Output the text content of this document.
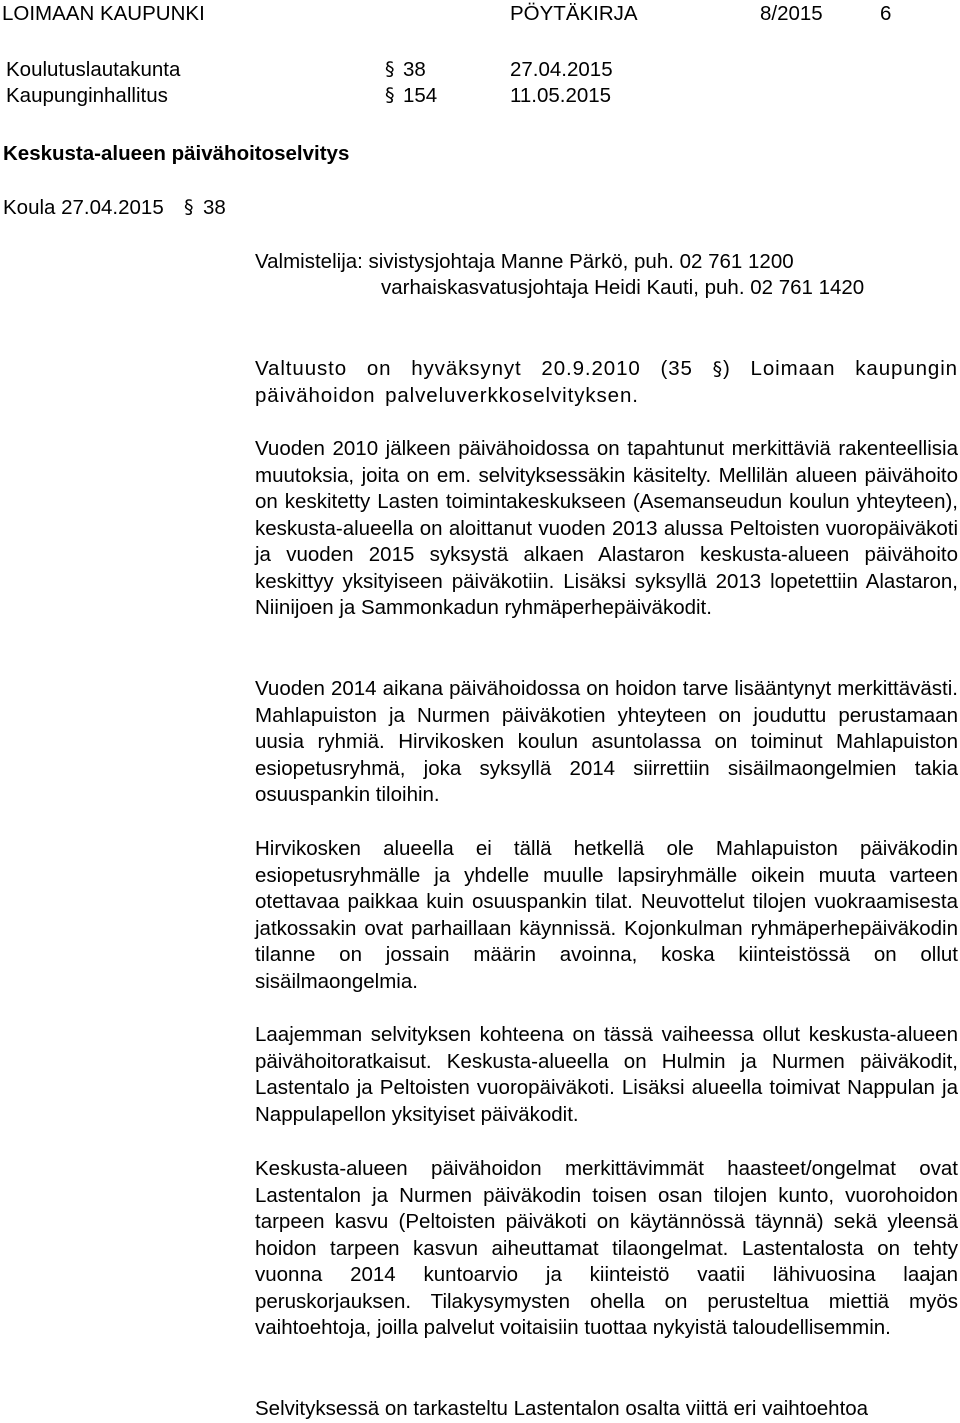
LOIMAAN KAUPUNKI	PÖYTÄKIRJA	8/2015	6
Koulutuslautakunta	§ 38	27.04.2015
Kaupunginhallitus	§ 154	11.05.2015
Keskusta-alueen päivähoitoselvitys
Koula 27.04.2015 § 38
Valmistelija: sivistysjohtaja Manne Pärkö, puh. 02 761 1200
varhaiskasvatusjohtaja Heidi Kauti, puh. 02 761 1420

Valtuusto on hyväksynyt 20.9.2010 (35 §) Loimaan kaupungin päivähoidon palveluverkkoselvityksen.

Vuoden 2010 jälkeen päivähoidossa on tapahtunut merkittäviä rakenteellisia muutoksia, joita on em. selvityksessäkin käsitelty. Mellilän alueen päivähoito on keskitetty Lasten toimintakeskukseen (Asemanseudun koulun yhteyteen), keskusta-alueella on aloittanut vuoden 2013 alussa Peltoisten vuoropäiväkoti ja vuoden 2015 syksystä alkaen Alastaron keskusta-alueen päivähoito keskittyy yksityiseen päiväkotiin. Lisäksi syksyllä 2013 lopetettiin Alastaron, Niinijoen ja Sammonkadun ryhmäperhepäiväkodit.

Vuoden 2014 aikana päivähoidossa on hoidon tarve lisääntynyt merkittävästi. Mahlapuiston ja Nurmen päiväkotien yhteyteen on jouduttu perustamaan uusia ryhmiä. Hirvikosken koulun asuntolassa on toiminut Mahlapuiston esiopetusryhmä, joka syksyllä 2014 siirrettiin sisäilmaongelmien takia osuuspankin tiloihin.

Hirvikosken alueella ei tällä hetkellä ole Mahlapuiston päiväkodin esiopetusryhmälle ja yhdelle muulle lapsiryhmälle oikein muuta varteen otettavaa paikkaa kuin osuuspankin tilat. Neuvottelut tilojen vuokraamisesta jatkossakin ovat parhaillaan käynnissä. Kojonkulman ryhmäperhepäiväkodin tilanne on jossain määrin avoinna, koska kiinteistössä on ollut sisäilmaongelmia.

Laajemman selvityksen kohteena on tässä vaiheessa ollut keskusta-alueen päivähoitoratkaisut. Keskusta-alueella on Hulmin ja Nurmen päiväkodit, Lastentalo ja Peltoisten vuoropäiväkoti. Lisäksi alueella toimivat Nappulan ja Nappulapellon yksityiset päiväkodit.

Keskusta-alueen päivähoidon merkittävimmät haasteet/ongelmat ovat Lastentalon ja Nurmen päiväkodin toisen osan tilojen kunto, vuorohoidon tarpeen kasvu (Peltoisten päiväkoti on käytännössä täynnä) sekä yleensä hoidon tarpeen kasvun aiheuttamat tilaongelmat. Lastentalosta on tehty vuonna 2014 kuntoarvio ja kiinteistö vaatii lähivuosina laajan peruskorjauksen. Tilakysymysten ohella on perusteltua miettiä myös vaihtoehtoja, joilla palvelut voitaisiin tuottaa nykyistä taloudellisemmin.

Selvityksessä on tarkasteltu Lastentalon osalta viittä eri vaihtoehtoa
